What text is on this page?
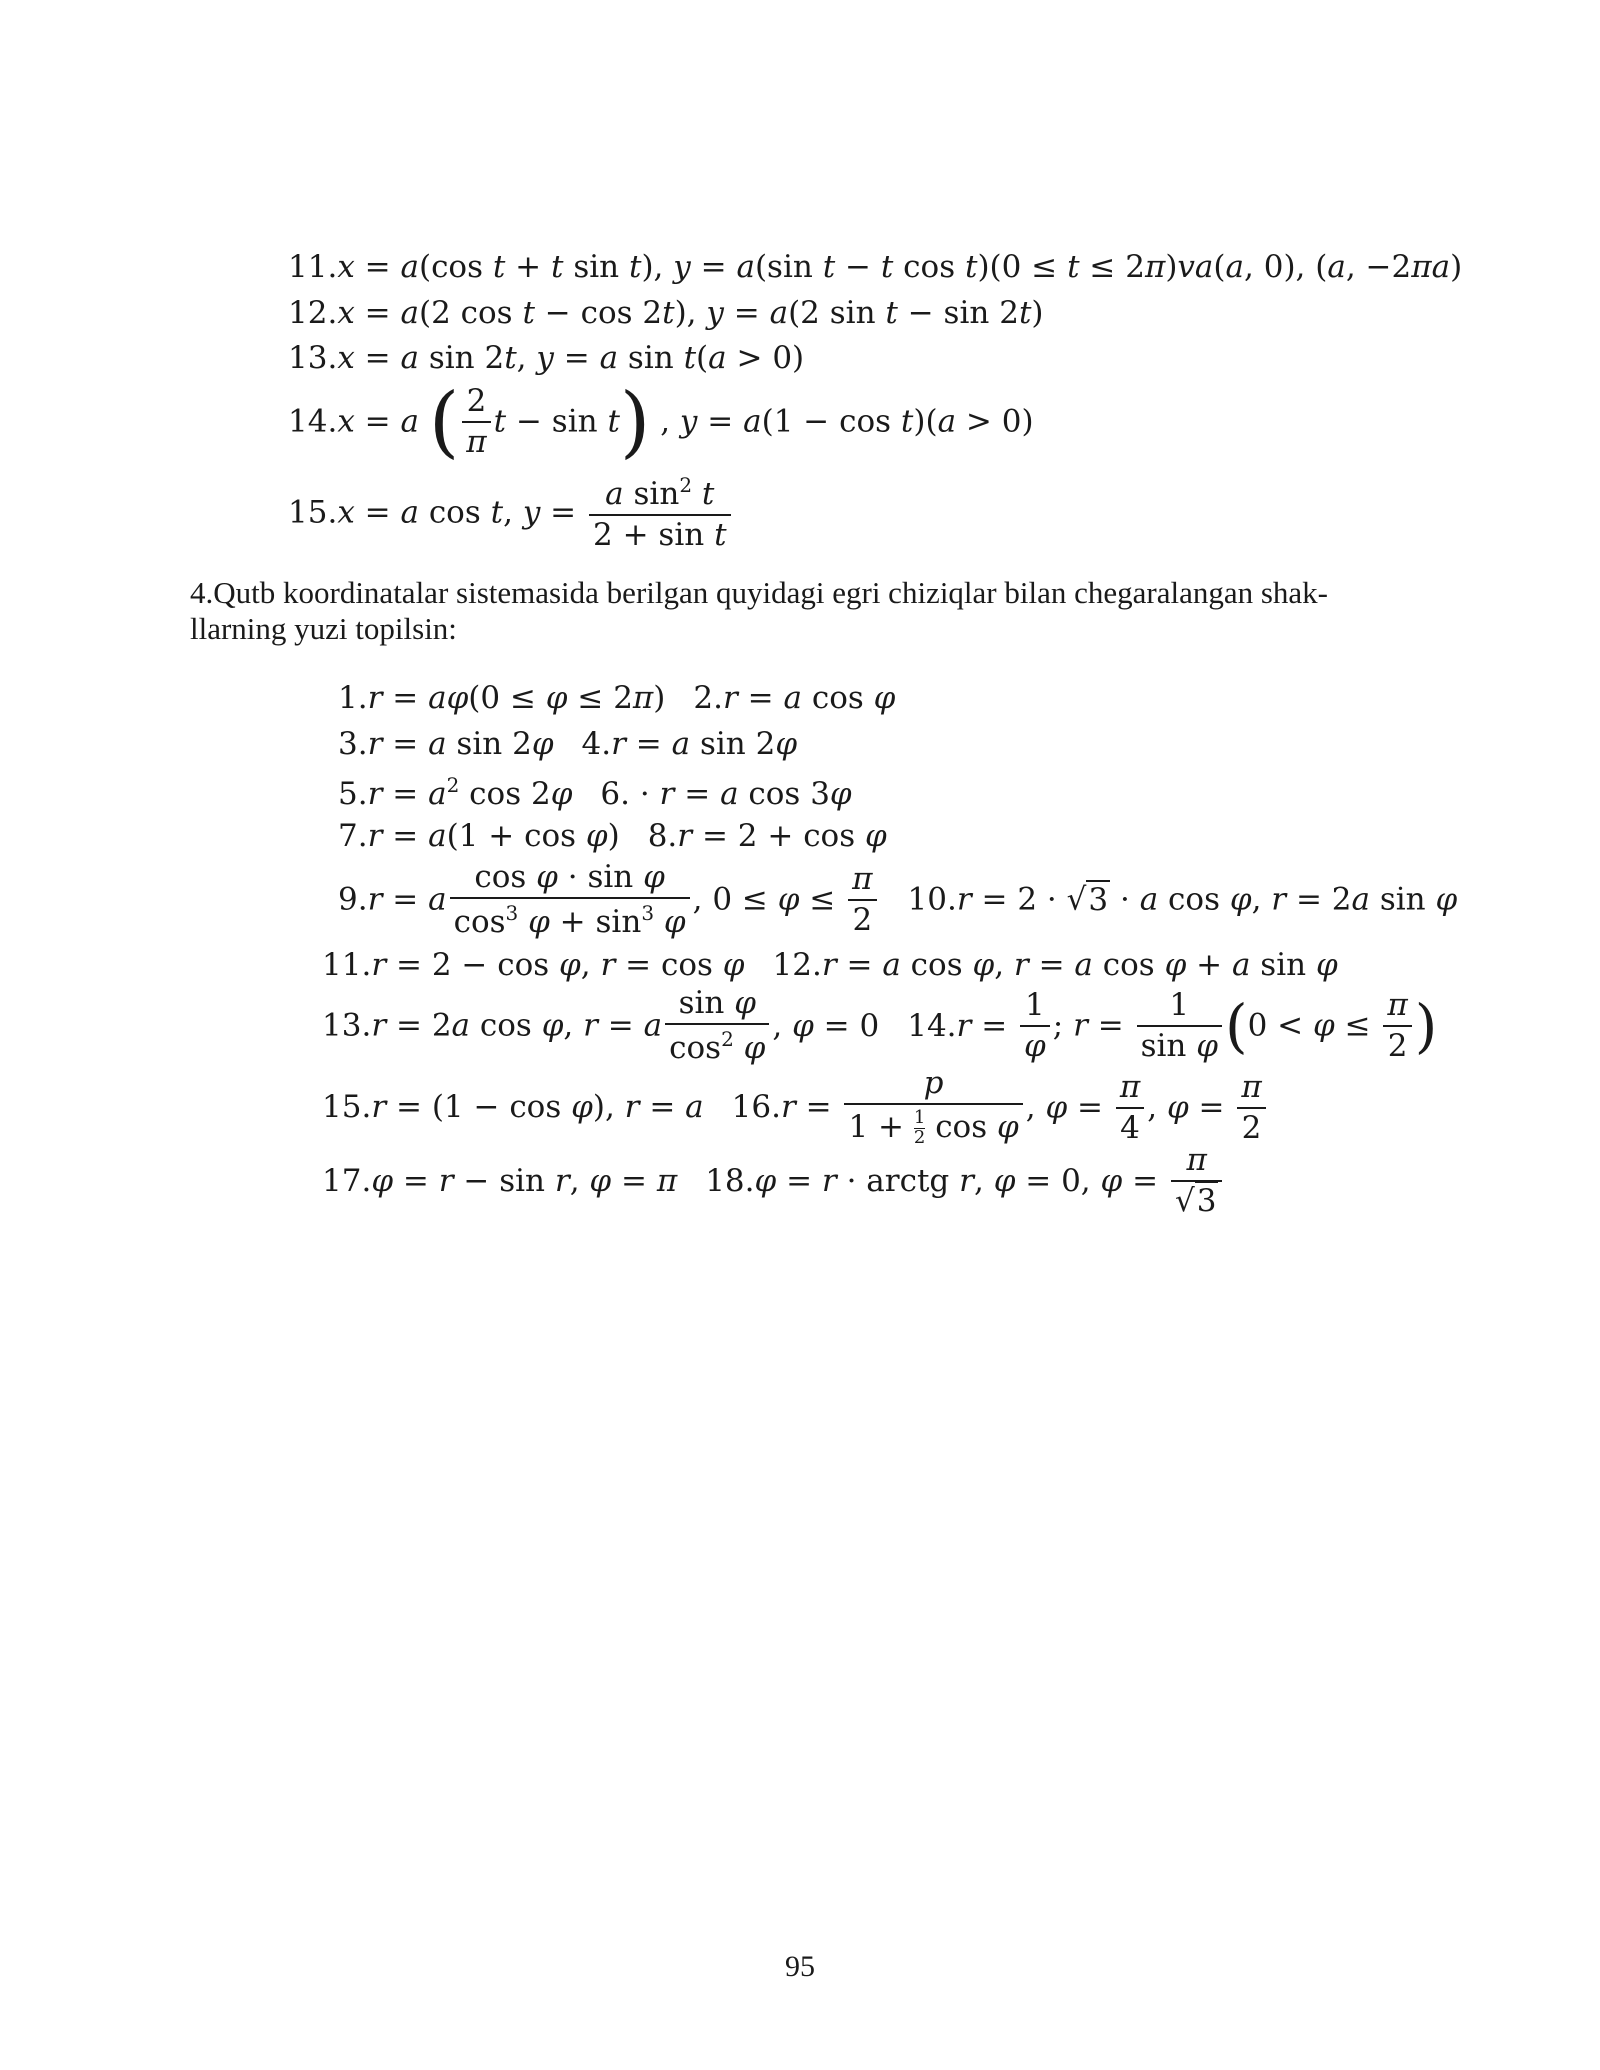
11.x = a(cos t + t sin t), y = a(sin t − t cos t)(0 ≤ t ≤ 2π)va(a, 0), (a, −2πa)
12.x = a(2 cos t − cos 2t), y = a(2 sin t − sin 2t)
13.x = a sin 2t, y = a sin t(a > 0)
14.x = a ( $\frac{2}{\pi}$ t − sin t) , y = a(1 − cos t)(a > 0)
15.x = a cos t, $y = \frac{a \sin^2 t}{\text{2 + sin t}}$
4.Qutb koordinatalar sistemasida berilgan quyidagi egri chiziqlar bilan chegaralangan shak-
llarning yuzi topilsin:
1.r = aφ(0 ≤ φ ≤ 2π) 2.r = a cos φ
3.r = a sin 2φ 4.r = a sin 2φ
$5.r = a^2$ cos 2φ 6. · r = a cos 3φ
7.r = a(1 + cos φ) 8.r = 2 + cos φ
9.r = a $\frac{\text{cos φ · sin φ}}{\cos^3 \varphi + \sin^3 \varphi}$ , $0 \le \varphi \le \frac{\pi}{2} 10.r = 2 \cdot √3 \cdot a$ cos φ, r = 2a sin φ
11.r = 2 − cos φ, r = cos φ 12.r = a cos φ, r = a cos φ + a sin φ
13.r = 2a cos φ, r = a $\frac{\text{sin φ}}{\cos^2 \varphi}$ , φ = 0 $14.r = \frac{1}{\varphi}$ ; $r = \frac{1}{\text{sin φ}} (0 < \varphi \le \frac{\pi}{2}$ )
15.r = (1 − cos φ), r = a $16.r = \frac{p}{1 + \frac{1}{2} \cos \varphi}$ , $\varphi = \frac{\pi}{4}$ , $\varphi = \frac{\pi}{2}$
17.φ = r − sin r, φ = π 18.φ = r · arctg r, φ = 0, $\varphi = \frac{\pi}{√3}$
95
